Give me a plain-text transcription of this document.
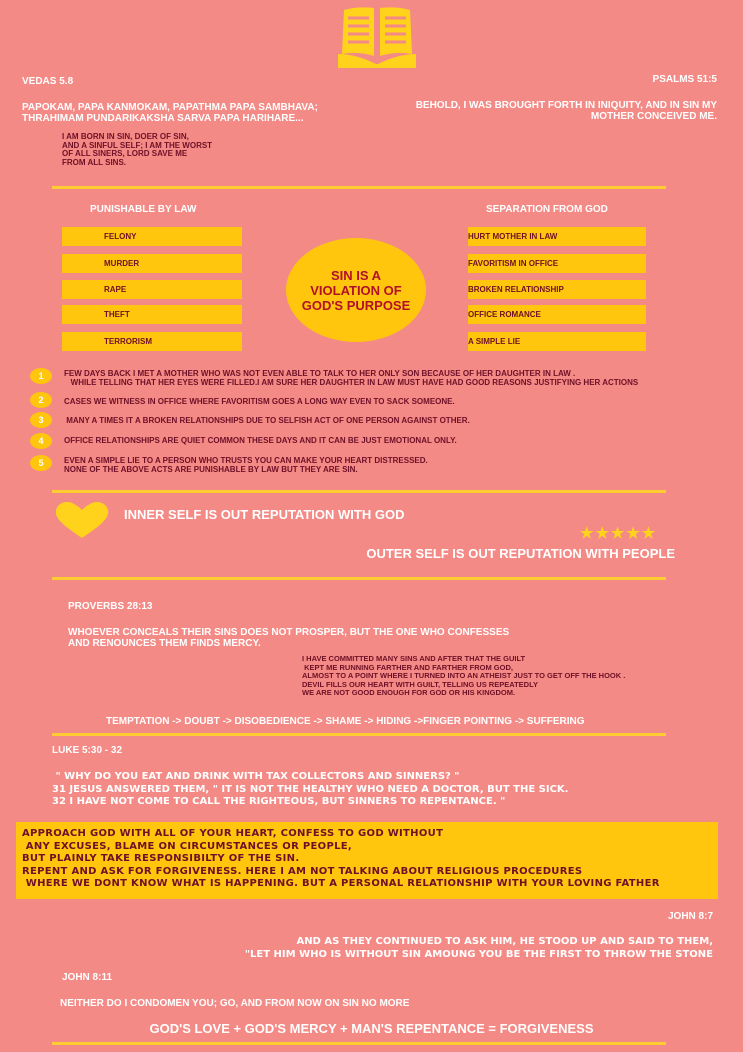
VEDAS 5.8
PAPOKAM, PAPA KANMOKAM, PAPATHMA PAPA SAMBHAVA;
THRAHIMAM PUNDARIKAKSHA SARVA PAPA HARIHARE...
I AM BORN IN SIN, DOER OF SIN,
AND A SINFUL SELF; I AM THE WORST
OF ALL SINERS, LORD SAVE ME
FROM ALL SINS.
PSALMS 51:5
BEHOLD, I WAS BROUGHT FORTH IN INIQUITY, AND IN SIN MY
MOTHER CONCEIVED ME.
PUNISHABLE BY LAW	SEPARATION FROM GOD
FELONY
MURDER
RAPE
THEFT
TERRORISM
HURT MOTHER IN LAW
FAVORITISM IN OFFICE
BROKEN RELATIONSHIP
OFFICE ROMANCE
A SIMPLE LIE
SIN IS A
VIOLATION OF
GOD'S PURPOSE
1	FEW DAYS BACK I MET A MOTHER WHO WAS NOT EVEN ABLE TO TALK TO HER ONLY SON BECAUSE OF HER DAUGHTER IN LAW .
WHILE TELLING THAT HER EYES WERE FILLED.I AM SURE HER DAUGHTER IN LAW MUST HAVE HAD GOOD REASONS JUSTIFYING HER ACTIONS
2	CASES WE WITNESS IN OFFICE WHERE FAVORITISM GOES A LONG WAY EVEN TO SACK SOMEONE.
3	MANY A TIMES IT A BROKEN RELATIONSHIPS DUE TO SELFISH ACT OF ONE PERSON AGAINST OTHER.
4	OFFICE RELATIONSHIPS ARE QUIET COMMON THESE DAYS AND IT CAN BE JUST EMOTIONAL ONLY.
5	EVEN A SIMPLE LIE TO A PERSON WHO TRUSTS YOU CAN MAKE YOUR HEART DISTRESSED.
NONE OF THE ABOVE ACTS ARE PUNISHABLE BY LAW BUT THEY ARE SIN.
INNER SELF IS OUT REPUTATION WITH GOD
★★★★★
OUTER SELF IS OUT REPUTATION WITH PEOPLE
PROVERBS 28:13
WHOEVER CONCEALS THEIR SINS DOES NOT PROSPER, BUT THE ONE WHO CONFESSES
AND RENOUNCES THEM FINDS MERCY.
I HAVE COMMITTED MANY SINS AND AFTER THAT THE GUILT
KEPT ME RUNNING FARTHER AND FARTHER FROM GOD,
ALMOST TO A POINT WHERE I TURNED INTO AN ATHEIST JUST TO GET OFF THE HOOK .
DEVIL FILLS OUR HEART WITH GUILT, TELLING US REPEATEDLY
WE ARE NOT GOOD ENOUGH FOR GOD OR HIS KINGDOM.
TEMPTATION -> DOUBT -> DISOBEDIENCE -> SHAME -> HIDING ->FINGER POINTING -> SUFFERING
LUKE 5:30 - 32
" WHY DO YOU EAT AND DRINK WITH TAX COLLECTORS AND SINNERS? "
31 JESUS ANSWERED THEM, " IT IS NOT THE HEALTHY WHO NEED A DOCTOR, BUT THE SICK.
32 I HAVE NOT COME TO CALL THE RIGHTEOUS, BUT SINNERS TO REPENTANCE. "
APPROACH GOD WITH ALL OF YOUR HEART, CONFESS TO GOD WITHOUT
ANY EXCUSES, BLAME ON CIRCUMSTANCES OR PEOPLE,
BUT PLAINLY TAKE RESPONSIBILTY OF THE SIN.
REPENT AND ASK FOR FORGIVENESS. HERE I AM NOT TALKING ABOUT RELIGIOUS PROCEDURES
WHERE WE DONT KNOW WHAT IS HAPPENING. BUT A PERSONAL RELATIONSHIP WITH YOUR LOVING FATHER
JOHN 8:7
AND AS THEY CONTINUED TO ASK HIM, HE STOOD UP AND SAID TO THEM,
"LET HIM WHO IS WITHOUT SIN AMOUNG YOU BE THE FIRST TO THROW THE STONE
JOHN 8:11
NEITHER DO I CONDOMEN YOU; GO, AND FROM NOW ON SIN NO MORE
GOD'S LOVE + GOD'S MERCY + MAN'S REPENTANCE = FORGIVENESS
